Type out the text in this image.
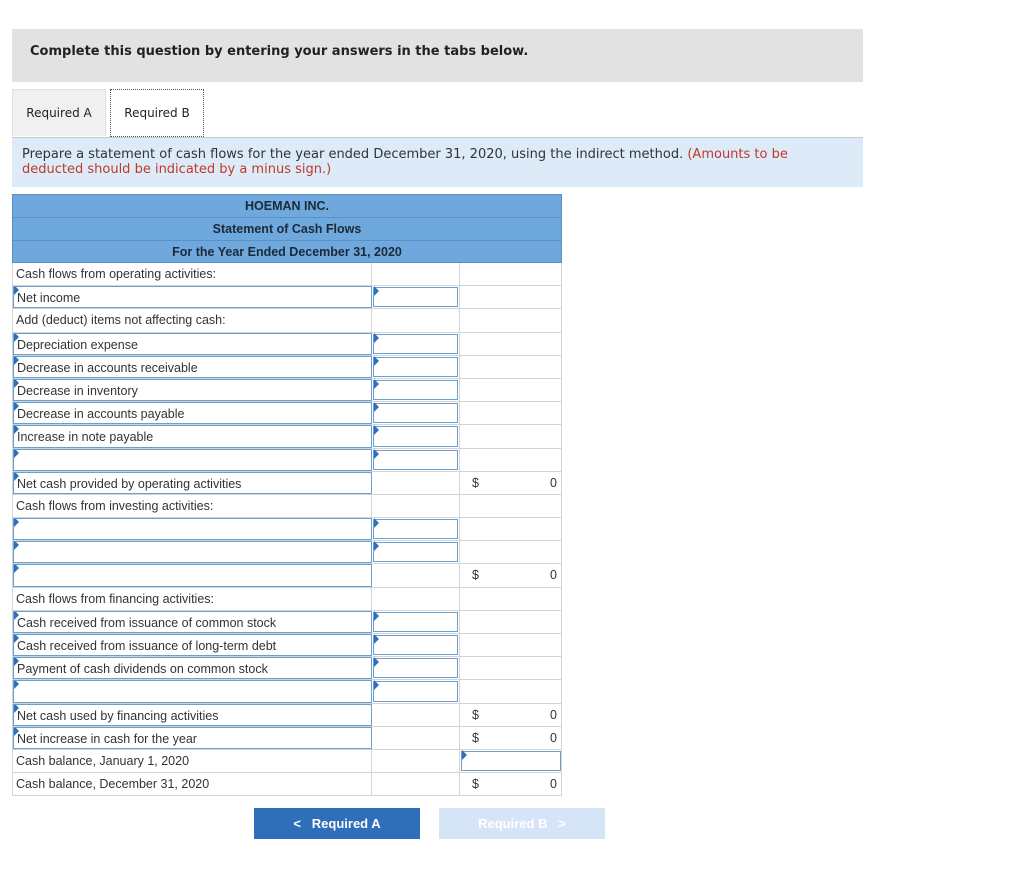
Complete this question by entering your answers in the tabs below.
Required A	Required B
Prepare a statement of cash flows for the year ended December 31, 2020, using the indirect method. (Amounts to be deducted should be indicated by a minus sign.)
HOEMAN INC.
Statement of Cash Flows
For the Year Ended December 31, 2020
Cash flows from operating activities:
Net income
Add (deduct) items not affecting cash:
Depreciation expense
Decrease in accounts receivable
Decrease in inventory
Decrease in accounts payable
Increase in note payable
Net cash provided by operating activities	$	0
Cash flows from investing activities:
$	0
Cash flows from financing activities:
Cash received from issuance of common stock
Cash received from issuance of long-term debt
Payment of cash dividends on common stock
Net cash used by financing activities	$	0
Net increase in cash for the year	$	0
Cash balance, January 1, 2020
Cash balance, December 31, 2020	$	0
< Required A	Required B >
